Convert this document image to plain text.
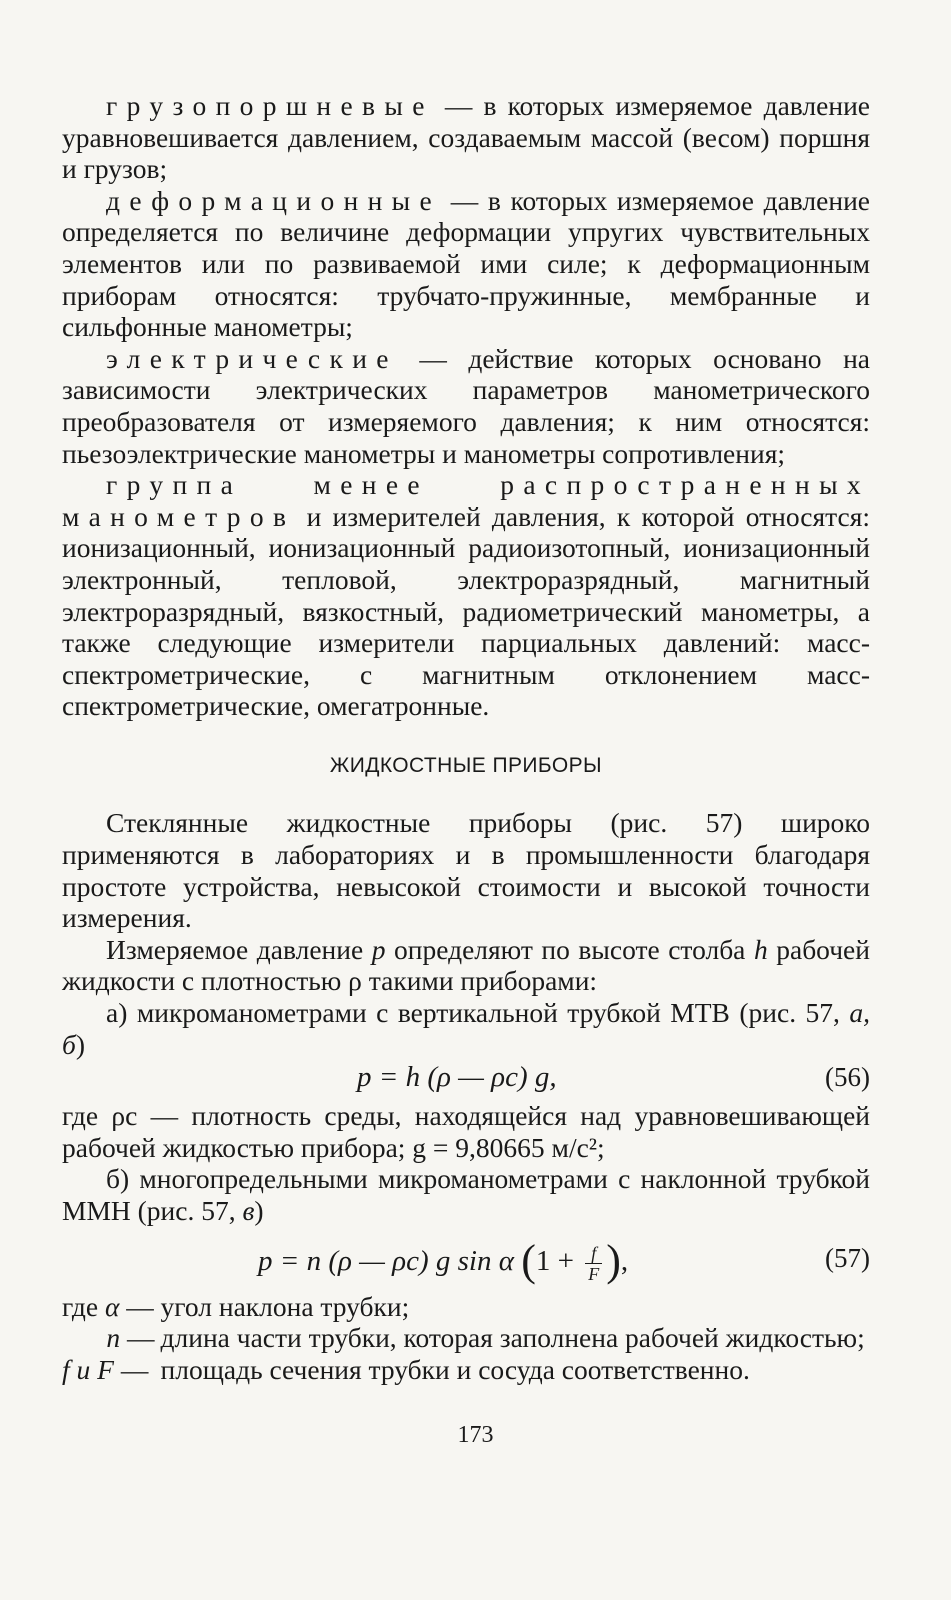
грузопоршневые — в которых измеряемое давление уравновешивается давлением, создаваемым массой (весом) поршня и грузов;

деформационные — в которых измеряемое давление определяется по величине деформации упругих чувствительных элементов или по развиваемой ими силе; к деформационным приборам относятся: трубчато-пружинные, мембранные и сильфонные манометры;

электрические — действие которых основано на зависимости электрических параметров манометрического преобразователя от измеряемого давления; к ним относятся: пьезоэлектрические манометры и манометры сопротивления;

группа менее распространенных манометров и измерителей давления, к которой относятся: ионизационный, ионизационный радиоизотопный, ионизационный электронный, тепловой, электроразрядный, магнитный электроразрядный, вязкостный, радиометрический манометры, а также следующие измерители парциальных давлений: масс-спектрометрические, с магнитным отклонением масс-спектрометрические, омегатронные.

ЖИДКОСТНЫЕ ПРИБОРЫ

Стеклянные жидкостные приборы (рис. 57) широко применяются в лабораториях и в промышленности благодаря простоте устройства, невысокой стоимости и высокой точности измерения.

Измеряемое давление p определяют по высоте столба h рабочей жидкости с плотностью ρ такими приборами:

а) микроманометрами с вертикальной трубкой МТВ (рис. 57, а, б)

p = h (ρ — ρc) g,	(56)

где ρс — плотность среды, находящейся над уравновешивающей рабочей жидкостью прибора; g = 9,80665 м/с²;

б) многопредельными микроманометрами с наклонной трубкой ММН (рис. 57, в)

p = n (ρ — ρc) g sin α ($1 + \frac{f}{F}$ ),	(57)
где α —	угол наклона трубки;
n —	длина части трубки, которая заполнена рабочей жидкостью;
f и F —	площадь сечения трубки и сосуда соответственно.
173
